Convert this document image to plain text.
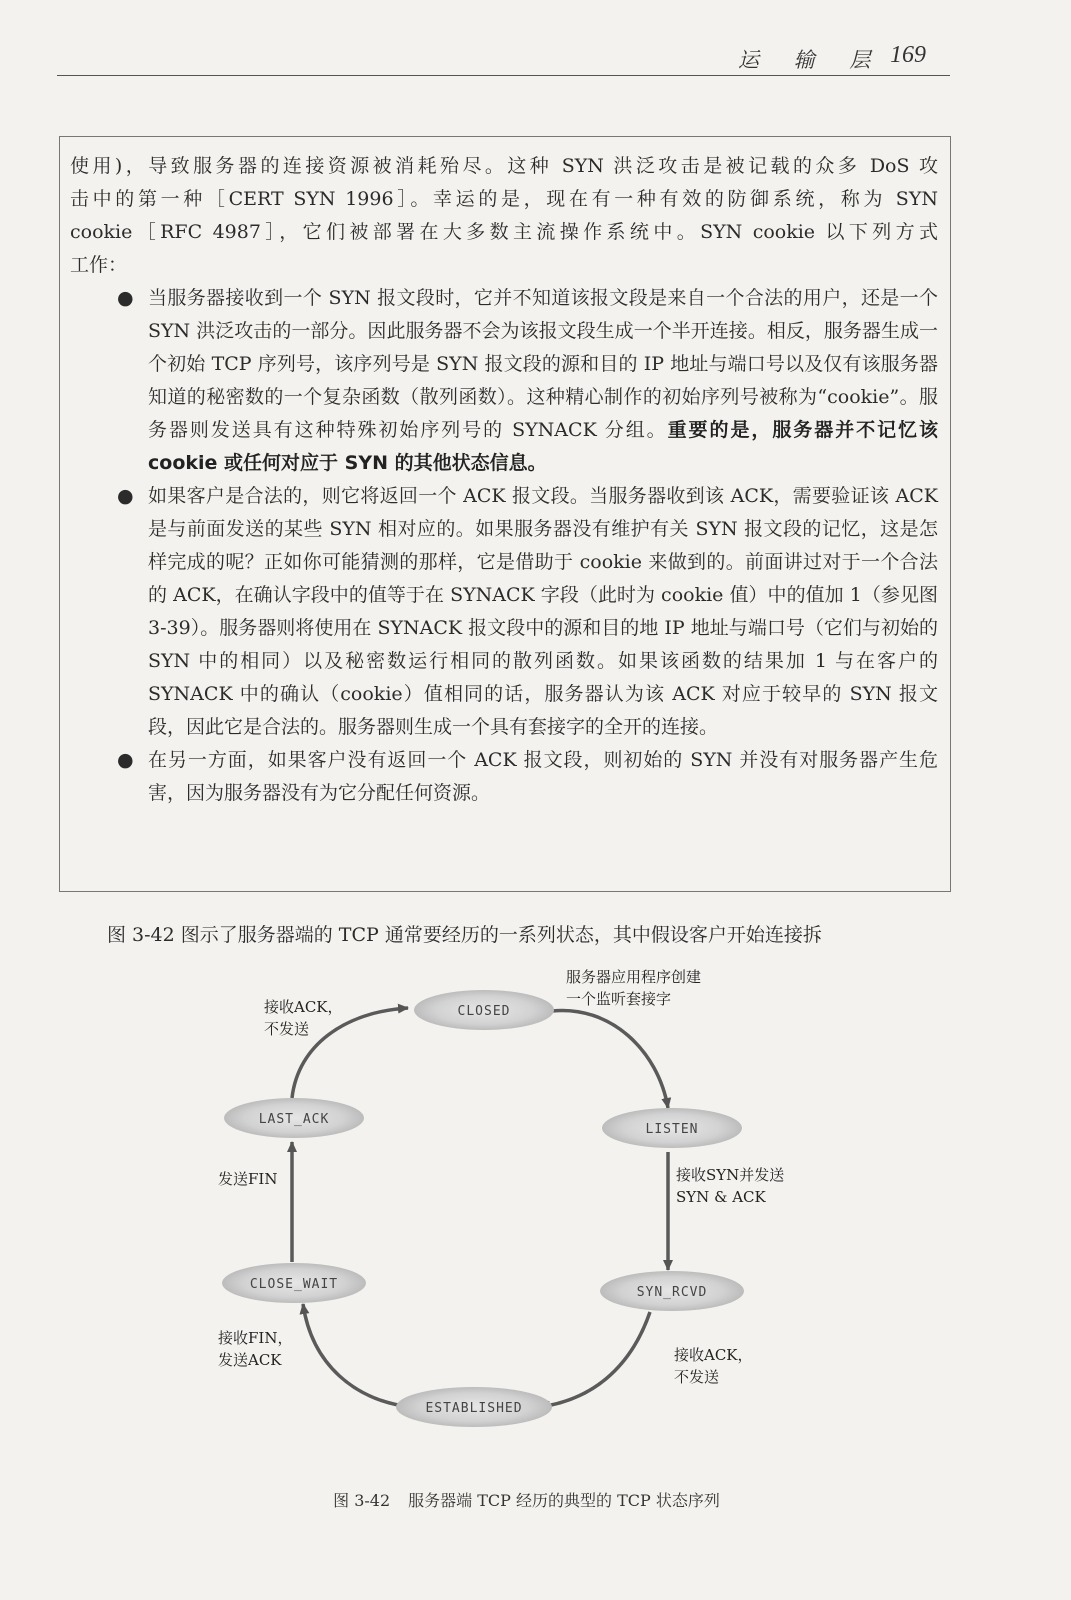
运 输 层 169

使用)，导致服务器的连接资源被消耗殆尽。这种 SYN 洪泛攻击是被记载的众多 DoS 攻

击中的第一种［CERT SYN 1996］。幸运的是，现在有一种有效的防御系统，称为 SYN

cookie［RFC 4987］，它们被部署在大多数主流操作系统中。SYN cookie 以下列方式

工作：

● 当服务器接收到一个 SYN 报文段时，它并不知道该报文段是来自一个合法的用户，还是一个 SYN 洪泛攻击的一部分。因此服务器不会为该报文段生成一个半开连接。相反，服务器生成一个初始 TCP 序列号，该序列号是 SYN 报文段的源和目的 IP 地址与端口号以及仅有该服务器知道的秘密数的一个复杂函数（散列函数）。这种精心制作的初始序列号被称为“cookie”。服务器则发送具有这种特殊初始序列号的 SYNACK 分组。重要的是，服务器并不记忆该 cookie 或任何对应于 SYN 的其他状态信息。
● 如果客户是合法的，则它将返回一个 ACK 报文段。当服务器收到该 ACK，需要验证该 ACK 是与前面发送的某些 SYN 相对应的。如果服务器没有维护有关 SYN 报文段的记忆，这是怎样完成的呢？正如你可能猜测的那样，它是借助于 cookie 来做到的。前面讲过对于一个合法的 ACK，在确认字段中的值等于在 SYNACK 字段（此时为 cookie 值）中的值加 1（参见图 3-39）。服务器则将使用在 SYNACK 报文段中的源和目的地 IP 地址与端口号（它们与初始的 SYN 中的相同）以及秘密数运行相同的散列函数。如果该函数的结果加 1 与在客户的 SYNACK 中的确认（cookie）值相同的话，服务器认为该 ACK 对应于较早的 SYN 报文段，因此它是合法的。服务器则生成一个具有套接字的全开的连接。
● 在另一方面，如果客户没有返回一个 ACK 报文段，则初始的 SYN 并没有对服务器产生危害，因为服务器没有为它分配任何资源。
图 3-42 图示了服务器端的 TCP 通常要经历的一系列状态，其中假设客户开始连接拆
CLOSED
LISTEN
SYN_RCVD
ESTABLISHED
CLOSE_WAIT
LAST_ACK
服务器应用程序创建
一个监听套接字
接收SYN并发送
SYN & ACK
接收ACK，
不发送
接收FIN，
发送ACK
发送FIN
接收ACK，
不发送
图 3-42 服务器端 TCP 经历的典型的 TCP 状态序列
